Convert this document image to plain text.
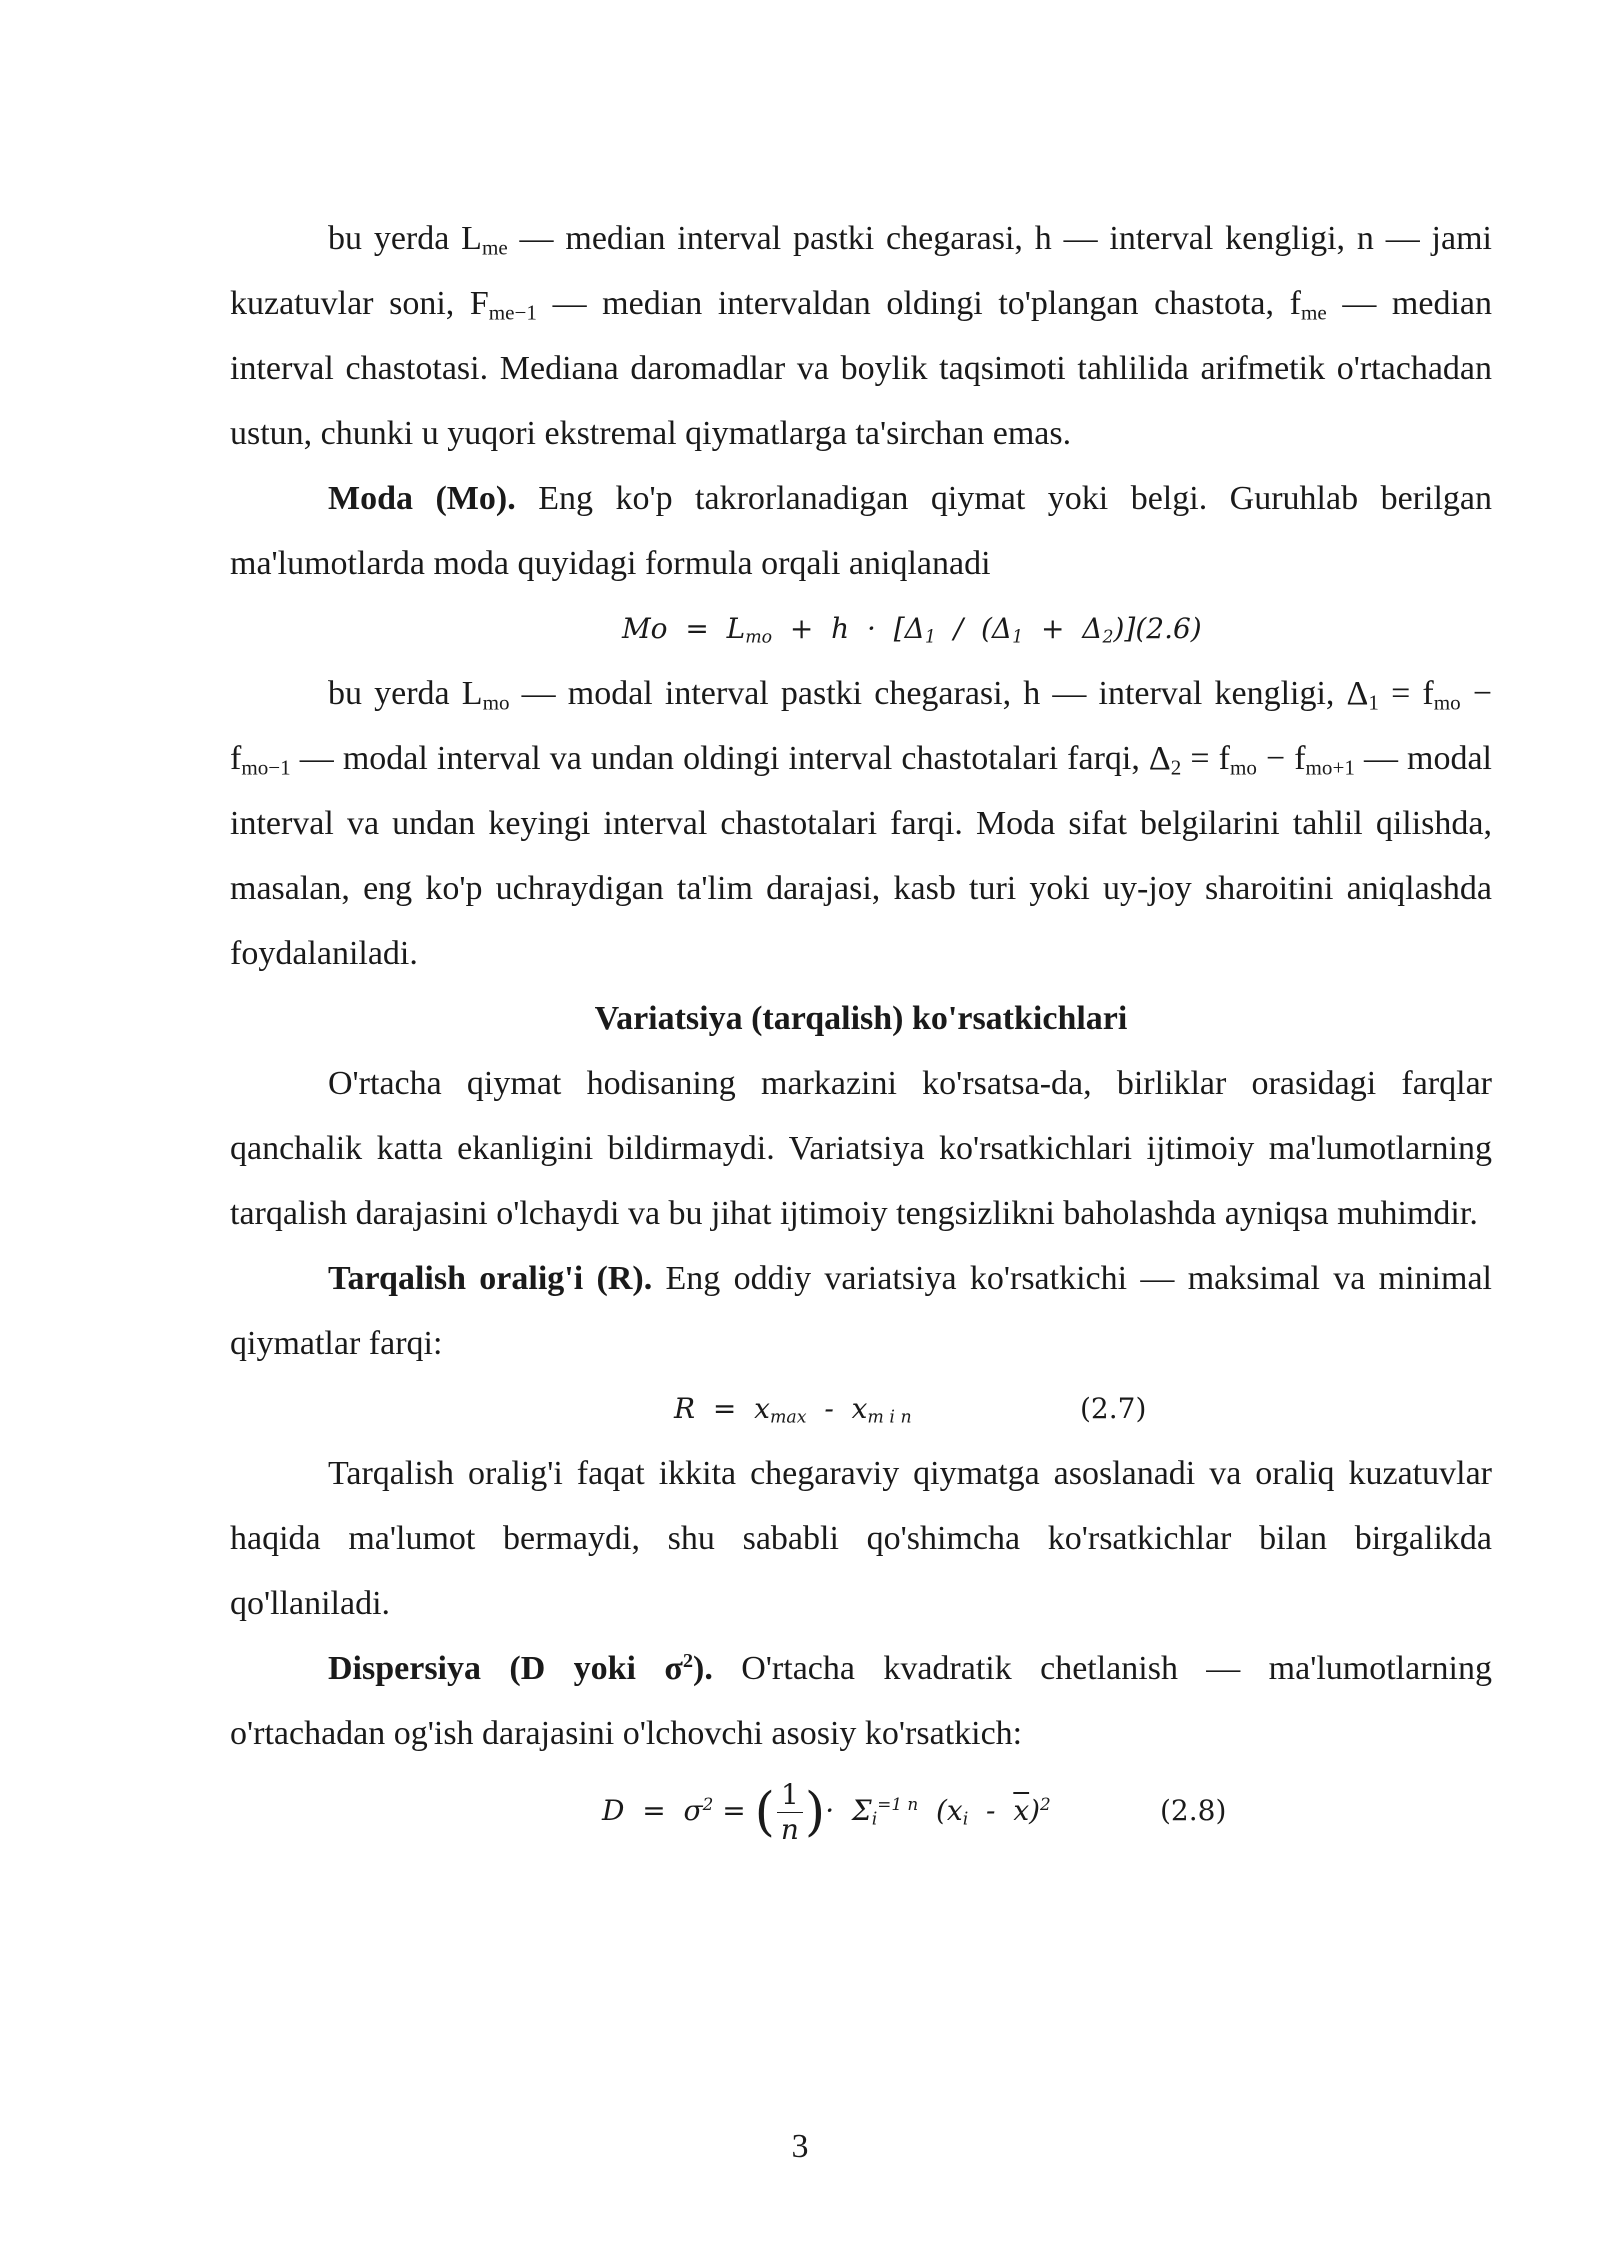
bu yerda $L_{me}$ — median interval pastki chegarasi, h — interval kengligi, n — jami kuzatuvlar soni, $F_{me-1}$ — median intervaldan oldingi to'plangan chastota, $f_{me}$ — median interval chastotasi. Mediana daromadlar va boylik taqsimoti tahlilida arifmetik o'rtachadan ustun, chunki u yuqori ekstremal qiymatlarga ta'sirchan emas.

Moda (Mo). Eng ko'p takrorlanadigan qiymat yoki belgi. Guruhlab berilgan ma'lumotlarda moda quyidagi formula orqali aniqlanadi

$Mo = L_{mo} + h \cdot [\Delta_1 / (\Delta_1 + \Delta_2)](2.6)$

bu yerda $L_{mo}$ — modal interval pastki chegarasi, h — interval kengligi, $\Delta_1 = f_{mo} - f_{mo-1}$ — modal interval va undan oldingi interval chastotalari farqi, $\Delta_2 = f_{mo} - f_{mo+1}$ — modal interval va undan keyingi interval chastotalari farqi. Moda sifat belgilarini tahlil qilishda, masalan, eng ko'p uchraydigan ta'lim darajasi, kasb turi yoki uy-joy sharoitini aniqlashda foydalaniladi.

Variatsiya (tarqalish) ko'rsatkichlari

O'rtacha qiymat hodisaning markazini ko'rsatsa-da, birliklar orasidagi farqlar qanchalik katta ekanligini bildirmaydi. Variatsiya ko'rsatkichlari ijtimoiy ma'lumotlarning tarqalish darajasini o'lchaydi va bu jihat ijtimoiy tengsizlikni baholashda ayniqsa muhimdir.

Tarqalish oralig'i (R). Eng oddiy variatsiya ko'rsatkichi — maksimal va minimal qiymatlar farqi:

$R = x_{max} - x_{m i n}$	(2.7)

Tarqalish oralig'i faqat ikkita chegaraviy qiymatga asoslanadi va oraliq kuzatuvlar haqida ma'lumot bermaydi, shu sababli qo'shimcha ko'rsatkichlar bilan birgalikda qo'llaniladi.

Dispersiya (D yoki $\sigma^2$). O'rtacha kvadratik chetlanish — ma'lumotlarning o'rtachadan og'ish darajasini o'lchovchi asosiy ko'rsatkich:

$D = \sigma^2$ = ( $\frac{1}{n}$ )·  $\Sigma_i^{=1 n}$  $(x_i - \overline{x})^2$	(2.8)
3
